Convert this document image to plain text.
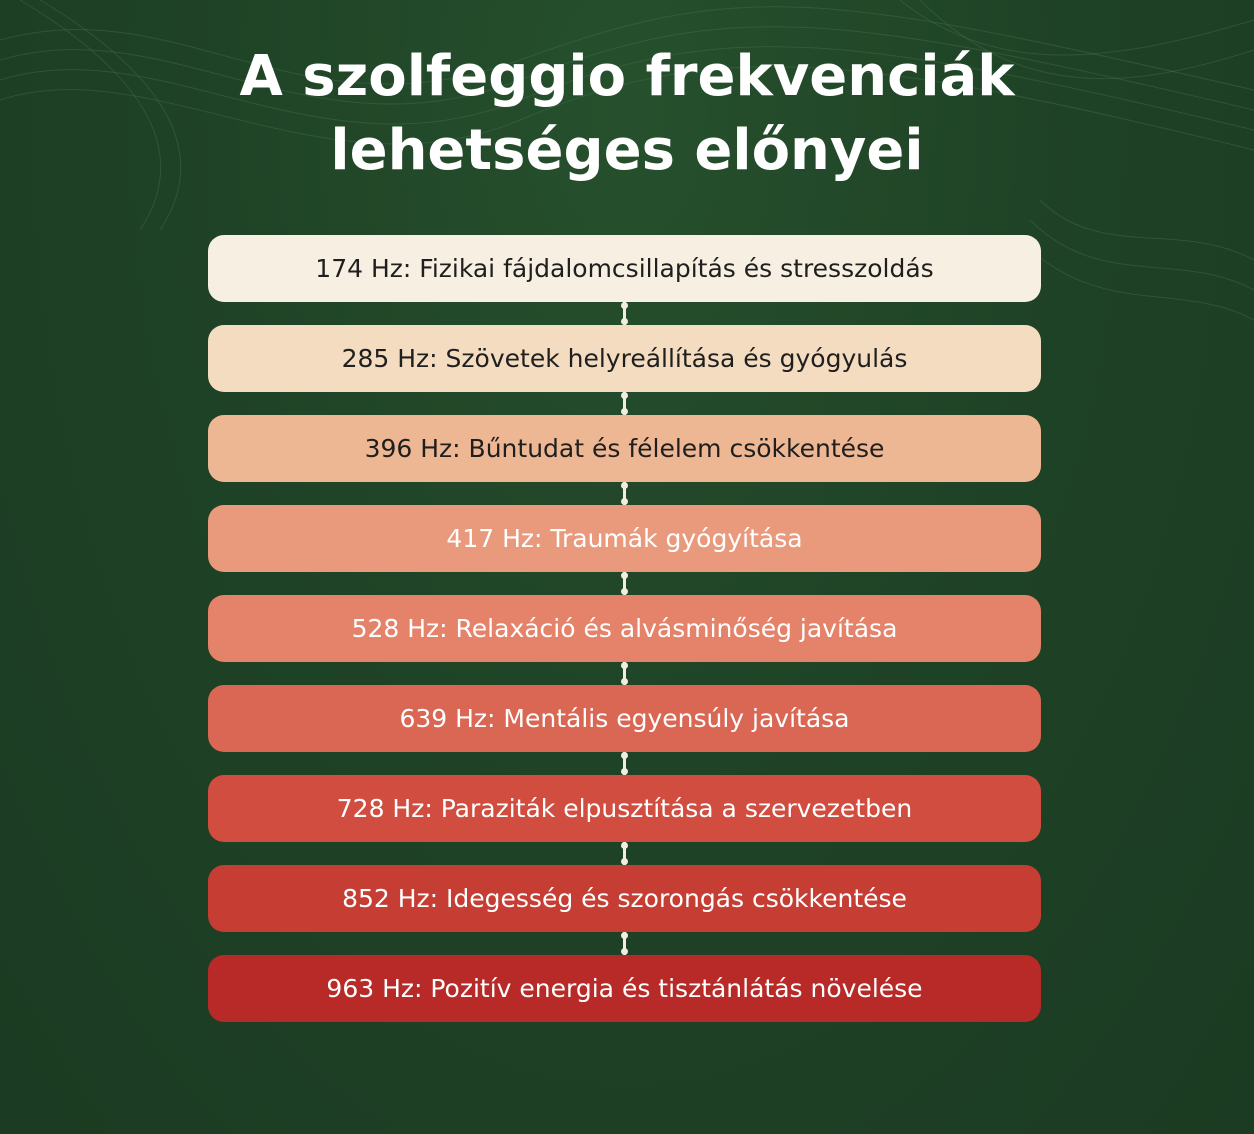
A szolfeggio frekvenciák
lehetséges előnyei
174 Hz: Fizikai fájdalomcsillapítás és stresszoldás
285 Hz: Szövetek helyreállítása és gyógyulás
396 Hz: Bűntudat és félelem csökkentése
417 Hz: Traumák gyógyítása
528 Hz: Relaxáció és alvásminőség javítása
639 Hz: Mentális egyensúly javítása
728 Hz: Paraziták elpusztítása a szervezetben
852 Hz: Idegesség és szorongás csökkentése
963 Hz: Pozitív energia és tisztánlátás növelése
